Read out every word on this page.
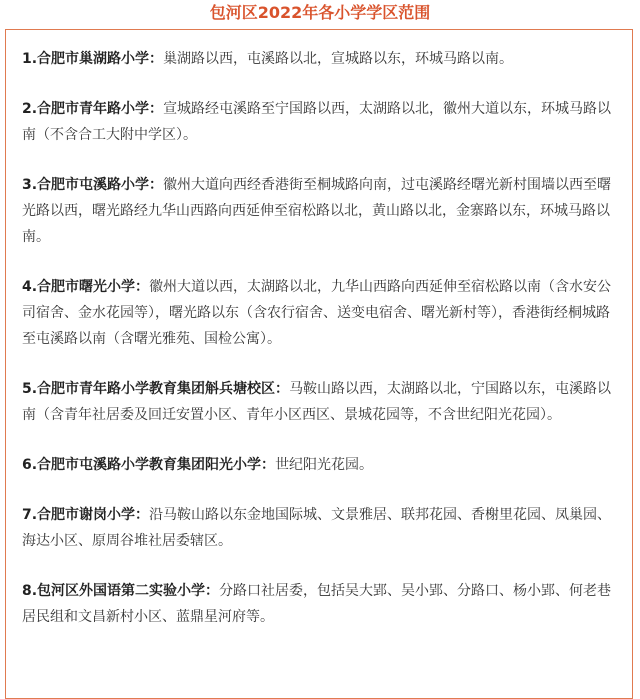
包河区2022年各小学学区范围
1.合肥市巢湖路小学：巢湖路以西，屯溪路以北，宣城路以东，环城马路以南。
2.合肥市青年路小学：宣城路经屯溪路至宁国路以西，太湖路以北，徽州大道以东，环城马路以南（不含合工大附中学区）。
3.合肥市屯溪路小学：徽州大道向西经香港街至桐城路向南，过屯溪路经曙光新村围墙以西至曙光路以西，曙光路经九华山西路向西延伸至宿松路以北，黄山路以北，金寨路以东，环城马路以南。
4.合肥市曙光小学：徽州大道以西，太湖路以北，九华山西路向西延伸至宿松路以南（含水安公司宿舍、金水花园等），曙光路以东（含农行宿舍、送变电宿舍、曙光新村等），香港街经桐城路至屯溪路以南（含曙光雅苑、国检公寓）。
5.合肥市青年路小学教育集团斛兵塘校区：马鞍山路以西，太湖路以北，宁国路以东，屯溪路以南（含青年社居委及回迁安置小区、青年小区西区、景城花园等，不含世纪阳光花园）。
6.合肥市屯溪路小学教育集团阳光小学：世纪阳光花园。
7.合肥市谢岗小学：沿马鞍山路以东金地国际城、文景雅居、联邦花园、香榭里花园、凤巢园、海达小区、原周谷堆社居委辖区。
8.包河区外国语第二实验小学：分路口社居委，包括吴大郢、吴小郢、分路口、杨小郢、何老巷居民组和文昌新村小区、蓝鼎星河府等。
